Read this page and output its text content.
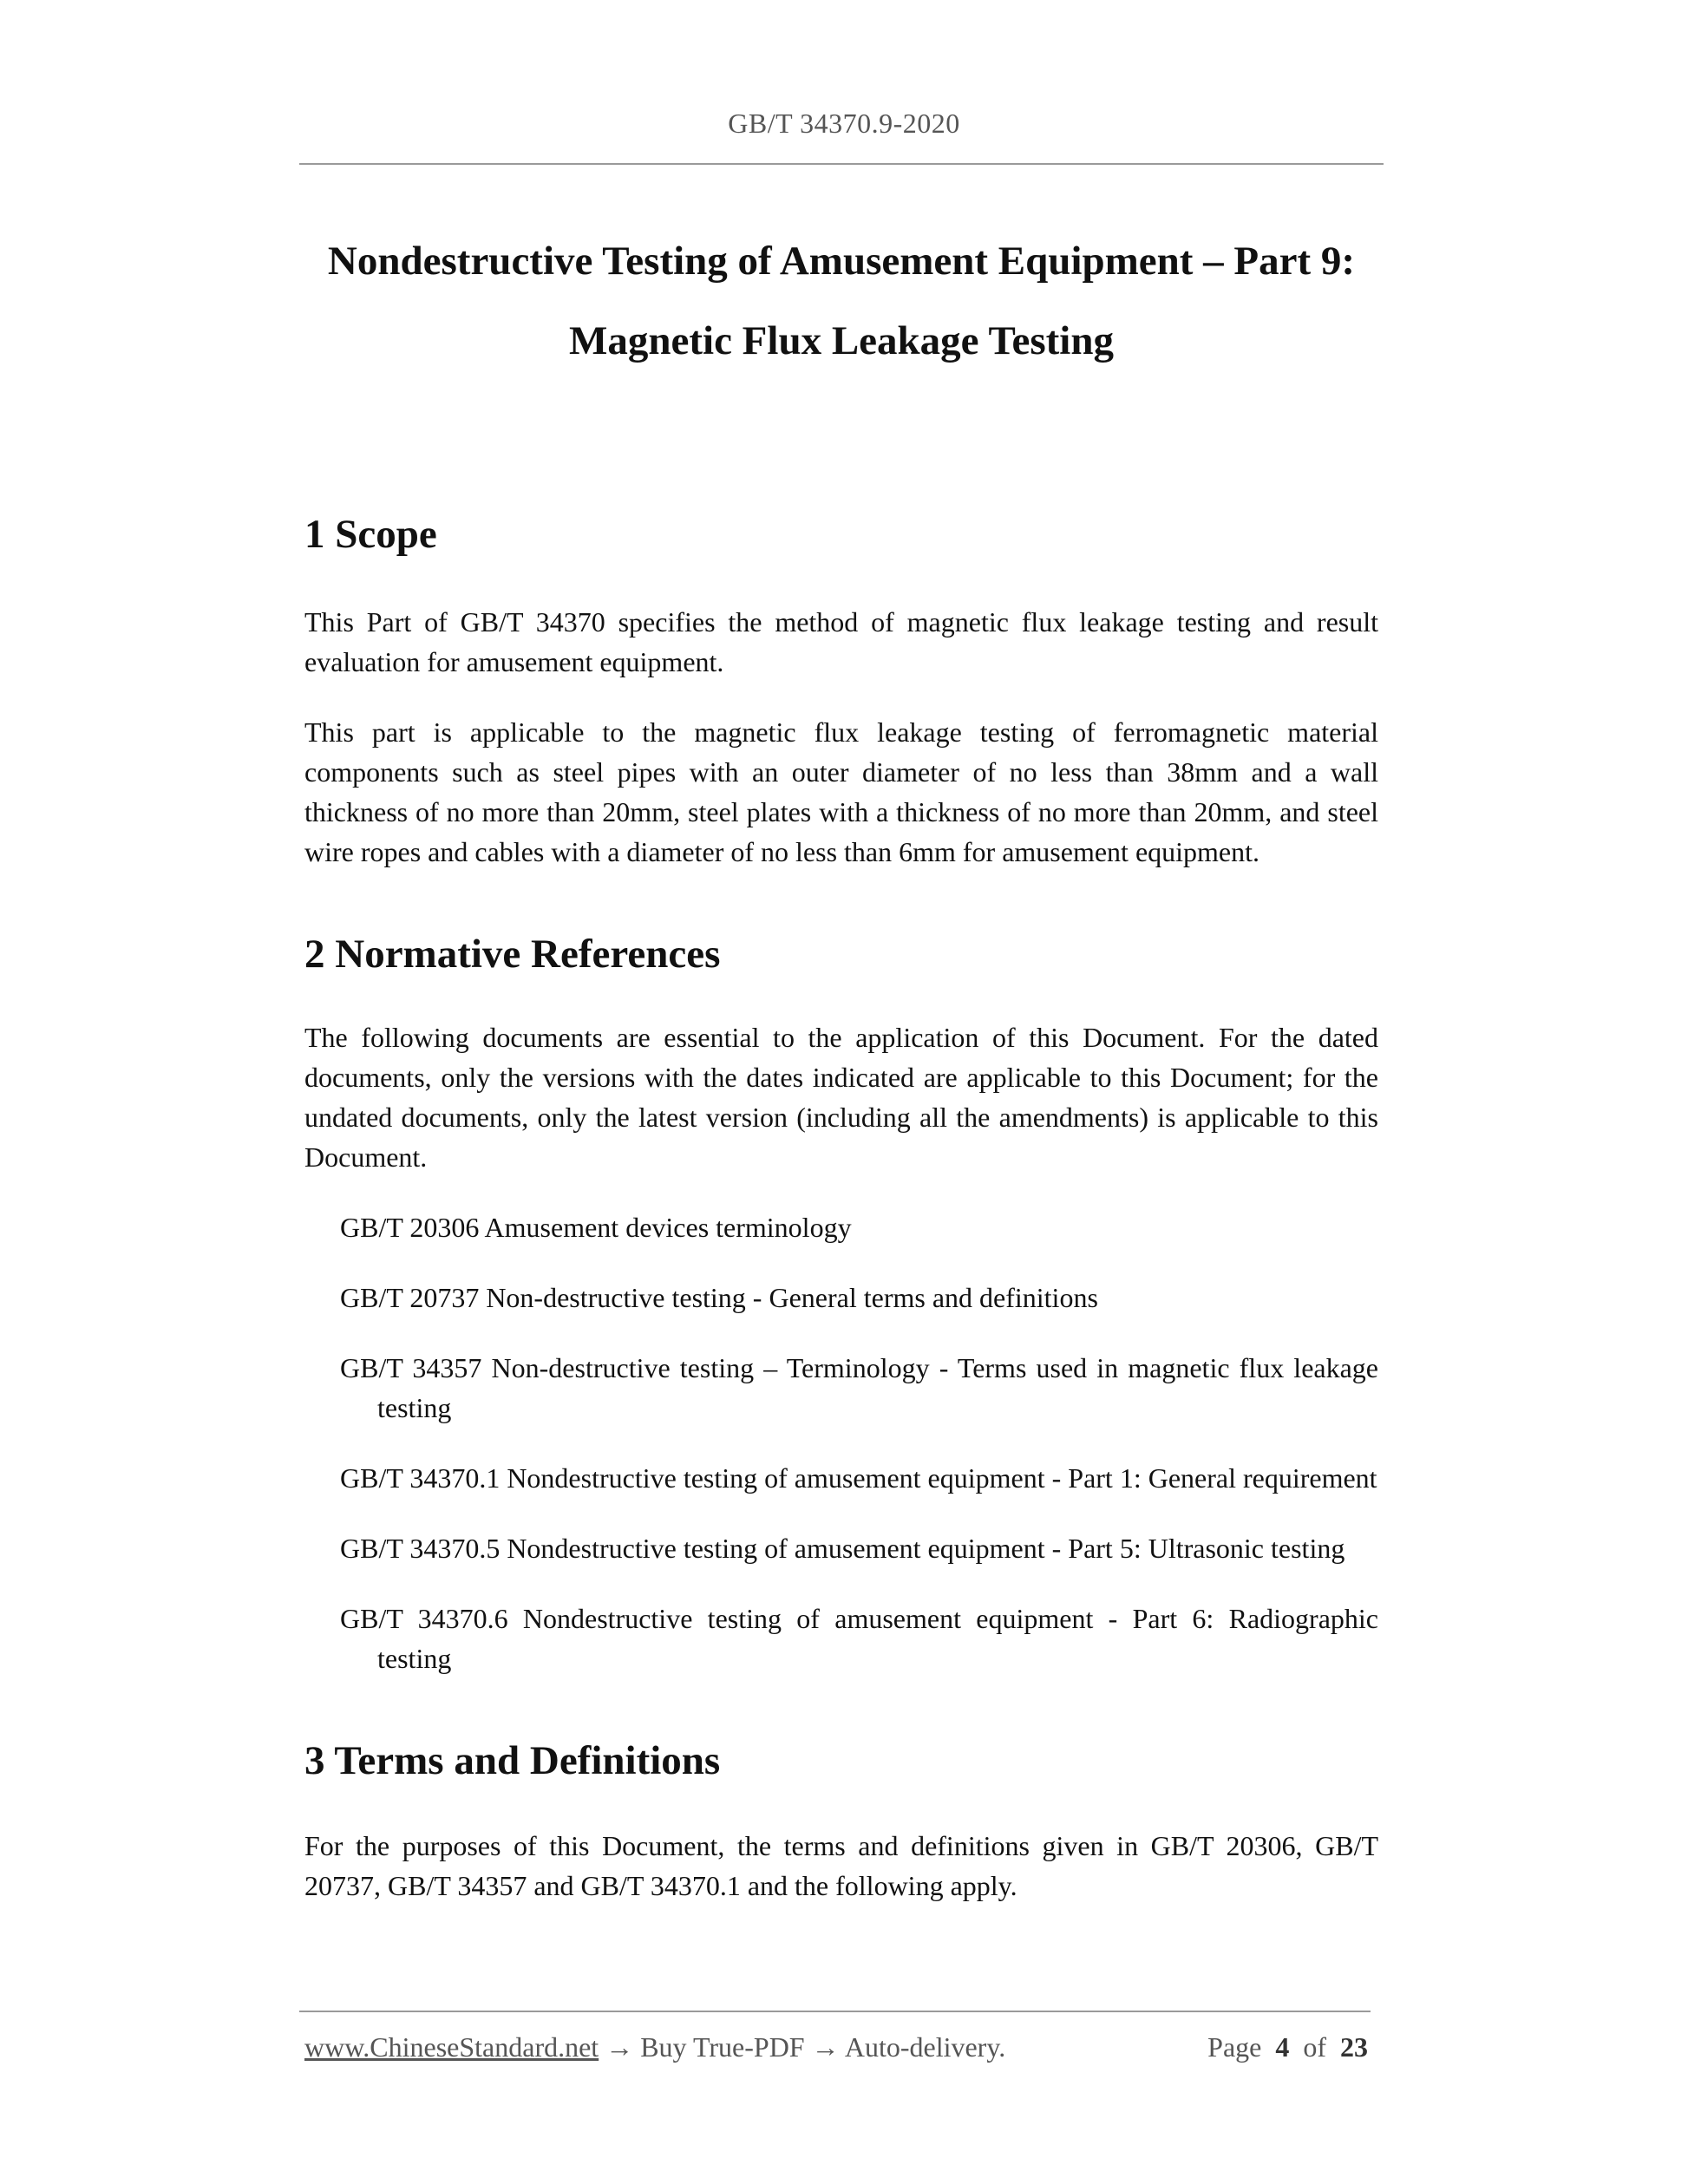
GB/T 34370.9-2020
Nondestructive Testing of Amusement Equipment – Part 9:
Magnetic Flux Leakage Testing
1 Scope

This Part of GB/T 34370 specifies the method of magnetic flux leakage testing and result evaluation for amusement equipment.

This part is applicable to the magnetic flux leakage testing of ferromagnetic material components such as steel pipes with an outer diameter of no less than 38mm and a wall thickness of no more than 20mm, steel plates with a thickness of no more than 20mm, and steel wire ropes and cables with a diameter of no less than 6mm for amusement equipment.

2 Normative References

The following documents are essential to the application of this Document. For the dated documents, only the versions with the dates indicated are applicable to this Document; for the undated documents, only the latest version (including all the amendments) is applicable to this Document.

GB/T 20306 Amusement devices terminology

GB/T 20737 Non-destructive testing - General terms and definitions

GB/T 34357 Non-destructive testing – Terminology - Terms used in magnetic flux leakage testing

GB/T 34370.1 Nondestructive testing of amusement equipment - Part 1: General requirement

GB/T 34370.5 Nondestructive testing of amusement equipment - Part 5: Ultrasonic testing

GB/T 34370.6 Nondestructive testing of amusement equipment - Part 6: Radiographic testing

3 Terms and Definitions

For the purposes of this Document, the terms and definitions given in GB/T 20306, GB/T 20737, GB/T 34357 and GB/T 34370.1 and the following apply.

www.ChineseStandard.net → Buy True-PDF → Auto-delivery.	Page 4 of 23
